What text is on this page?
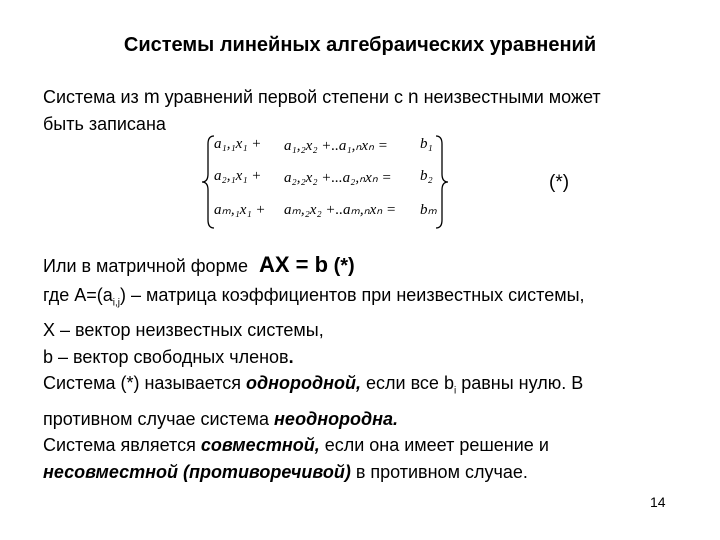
Системы линейных алгебраических уравнений
Система из m уравнений первой степени с n неизвестными может
быть записана
a₁,₁x₁ + a₁,₂x₂ +..a₁,ₙxₙ = b₁
a₂,₁x₁ + a₂,₂x₂ +...a₂,ₙxₙ = b₂
aₘ,₁x₁ + aₘ,₂x₂ +..aₘ,ₙxₙ = bₘ
(*)
Или в матричной форме AX = b (*)
где $А=(a_{i,j})$ – матрица коэффициентов при неизвестных системы,
X – вектор неизвестных системы,
b – вектор свободных членов.
Система (*) называется однородной, если все $b_i$ равны нулю. В
противном случае система неоднородна.
Система является совместной, если она имеет решение и
несовместной (противоречивой) в противном случае.
14
